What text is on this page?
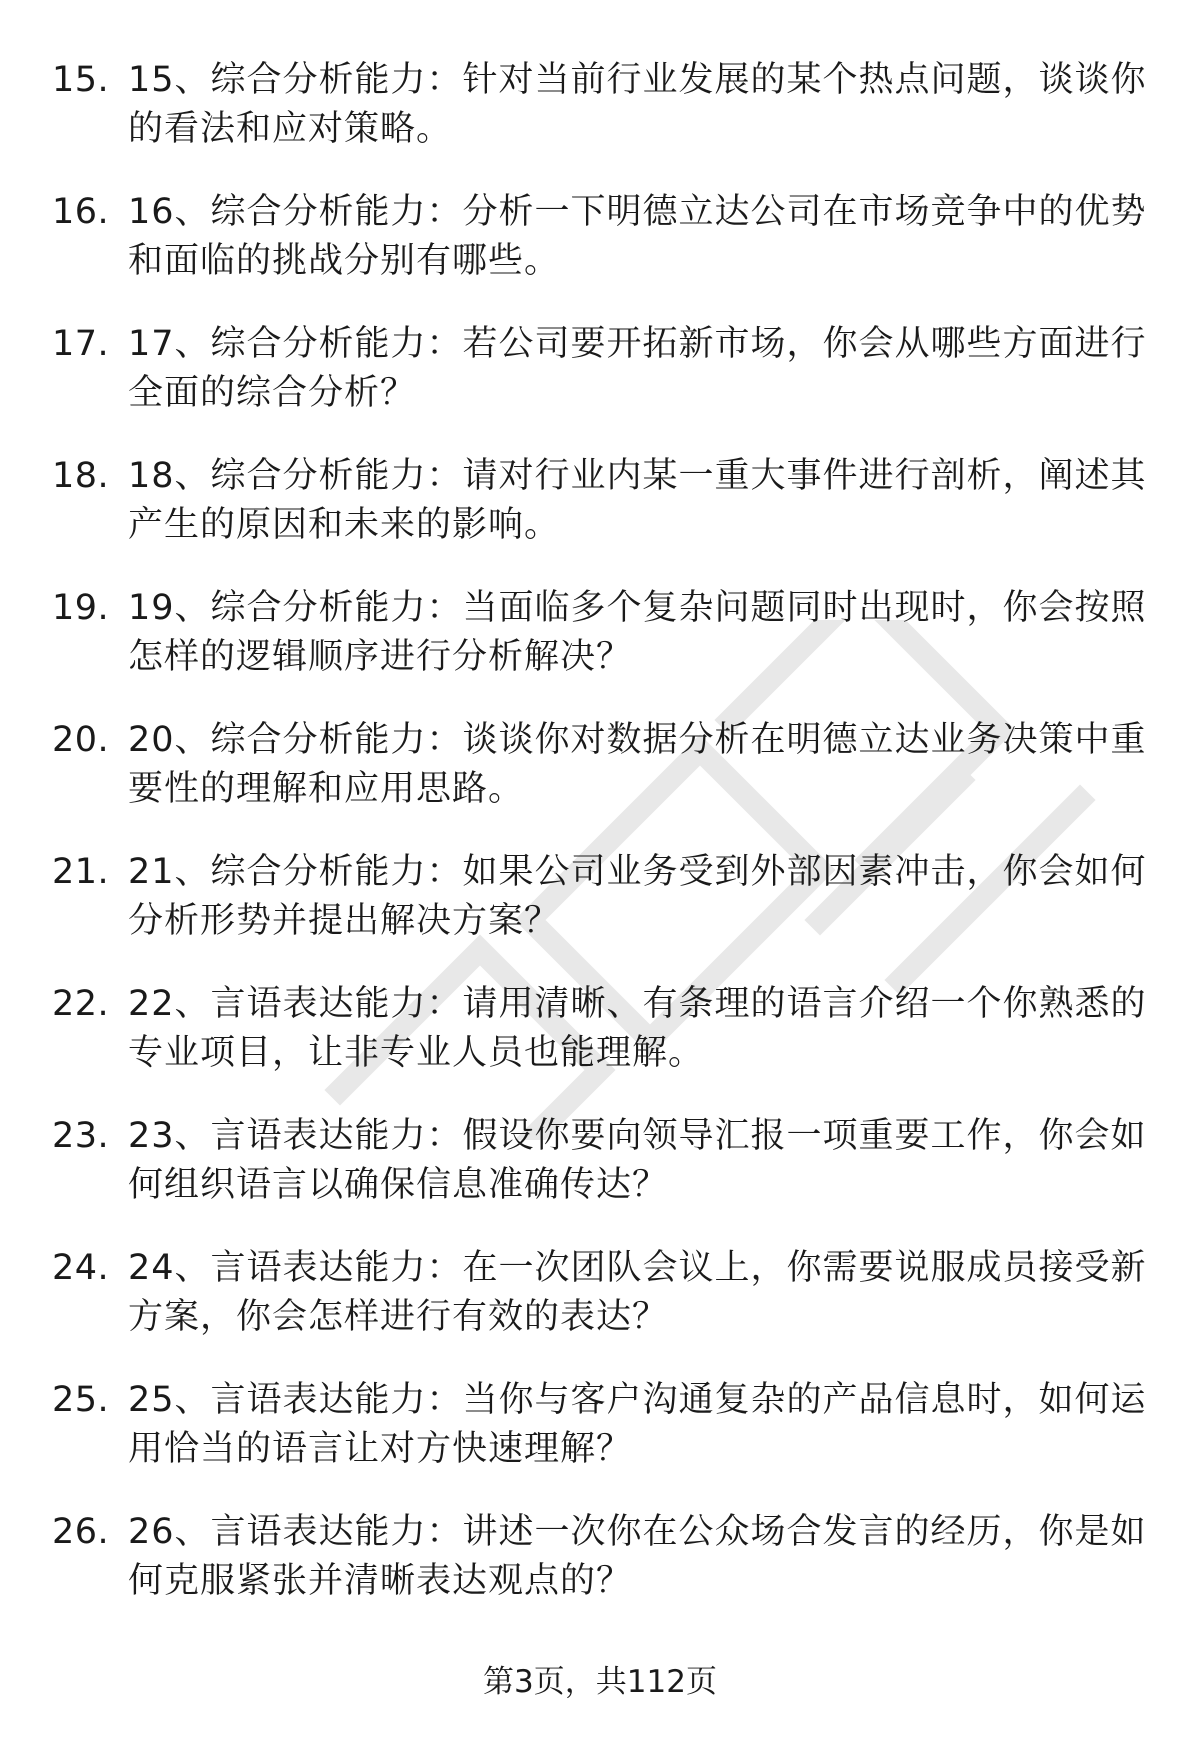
15. 15、综合分析能力：针对当前行业发展的某个热点问题，谈谈你的看法和应对策略。
16. 16、综合分析能力：分析一下明德立达公司在市场竞争中的优势和面临的挑战分别有哪些。
17. 17、综合分析能力：若公司要开拓新市场，你会从哪些方面进行全面的综合分析？
18. 18、综合分析能力：请对行业内某一重大事件进行剖析，阐述其产生的原因和未来的影响。
19. 19、综合分析能力：当面临多个复杂问题同时出现时，你会按照怎样的逻辑顺序进行分析解决？
20. 20、综合分析能力：谈谈你对数据分析在明德立达业务决策中重要性的理解和应用思路。
21. 21、综合分析能力：如果公司业务受到外部因素冲击，你会如何分析形势并提出解决方案？
22. 22、言语表达能力：请用清晰、有条理的语言介绍一个你熟悉的专业项目，让非专业人员也能理解。
23. 23、言语表达能力：假设你要向领导汇报一项重要工作，你会如何组织语言以确保信息准确传达？
24. 24、言语表达能力：在一次团队会议上，你需要说服成员接受新方案，你会怎样进行有效的表达？
25. 25、言语表达能力：当你与客户沟通复杂的产品信息时，如何运用恰当的语言让对方快速理解？
26. 26、言语表达能力：讲述一次你在公众场合发言的经历，你是如何克服紧张并清晰表达观点的？
第3页，共112页
